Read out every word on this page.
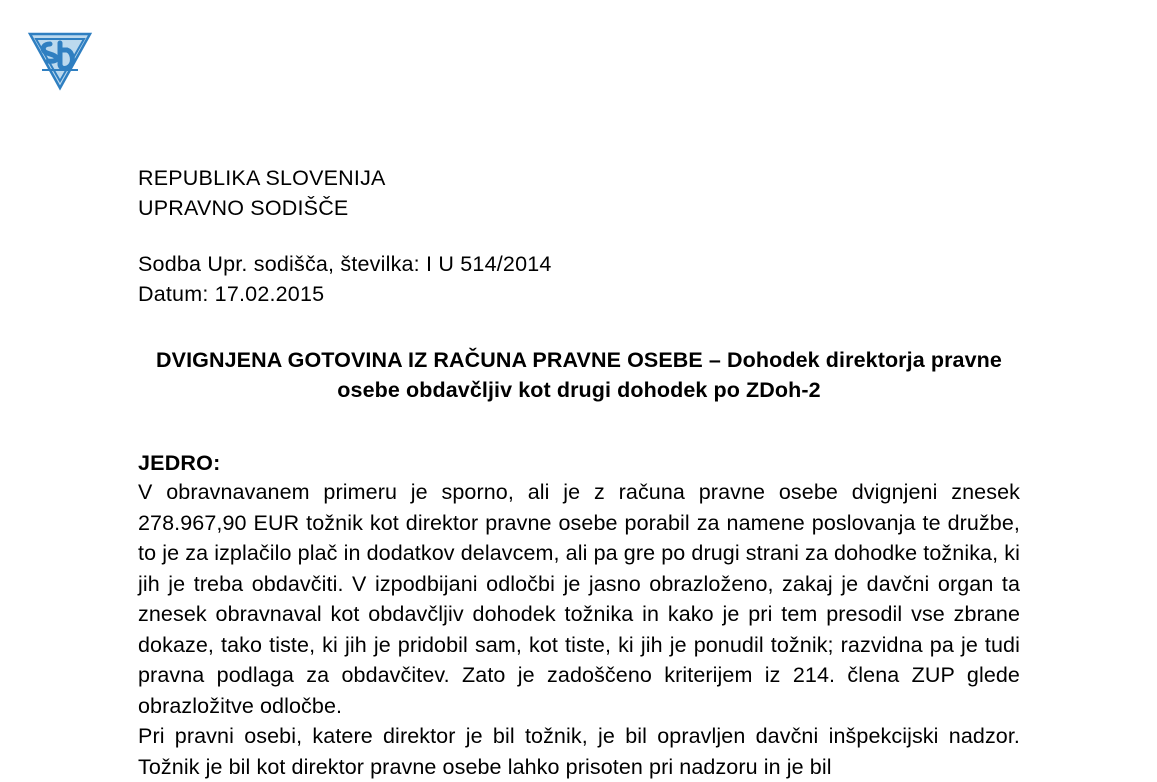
REPUBLIKA SLOVENIJA
UPRAVNO SODIŠČE
Sodba Upr. sodišča, številka: I U 514/2014
Datum: 17.02.2015
DVIGNJENA GOTOVINA IZ RAČUNA PRAVNE OSEBE – Dohodek direktorja pravne osebe obdavčljiv kot drugi dohodek po ZDoh-2
JEDRO:

V obravnavanem primeru je sporno, ali je z računa pravne osebe dvignjeni znesek 278.967,90 EUR tožnik kot direktor pravne osebe porabil za namene poslovanja te družbe, to je za izplačilo plač in dodatkov delavcem, ali pa gre po drugi strani za dohodke tožnika, ki jih je treba obdavčiti. V izpodbijani odločbi je jasno obrazloženo, zakaj je davčni organ ta znesek obravnaval kot obdavčljiv dohodek tožnika in kako je pri tem presodil vse zbrane dokaze, tako tiste, ki jih je pridobil sam, kot tiste, ki jih je ponudil tožnik; razvidna pa je tudi pravna podlaga za obdavčitev. Zato je zadoščeno kriterijem iz 214. člena ZUP glede obrazložitve odločbe.

Pri pravni osebi, katere direktor je bil tožnik, je bil opravljen davčni inšpekcijski nadzor. Tožnik je bil kot direktor pravne osebe lahko prisoten pri nadzoru in je bil
